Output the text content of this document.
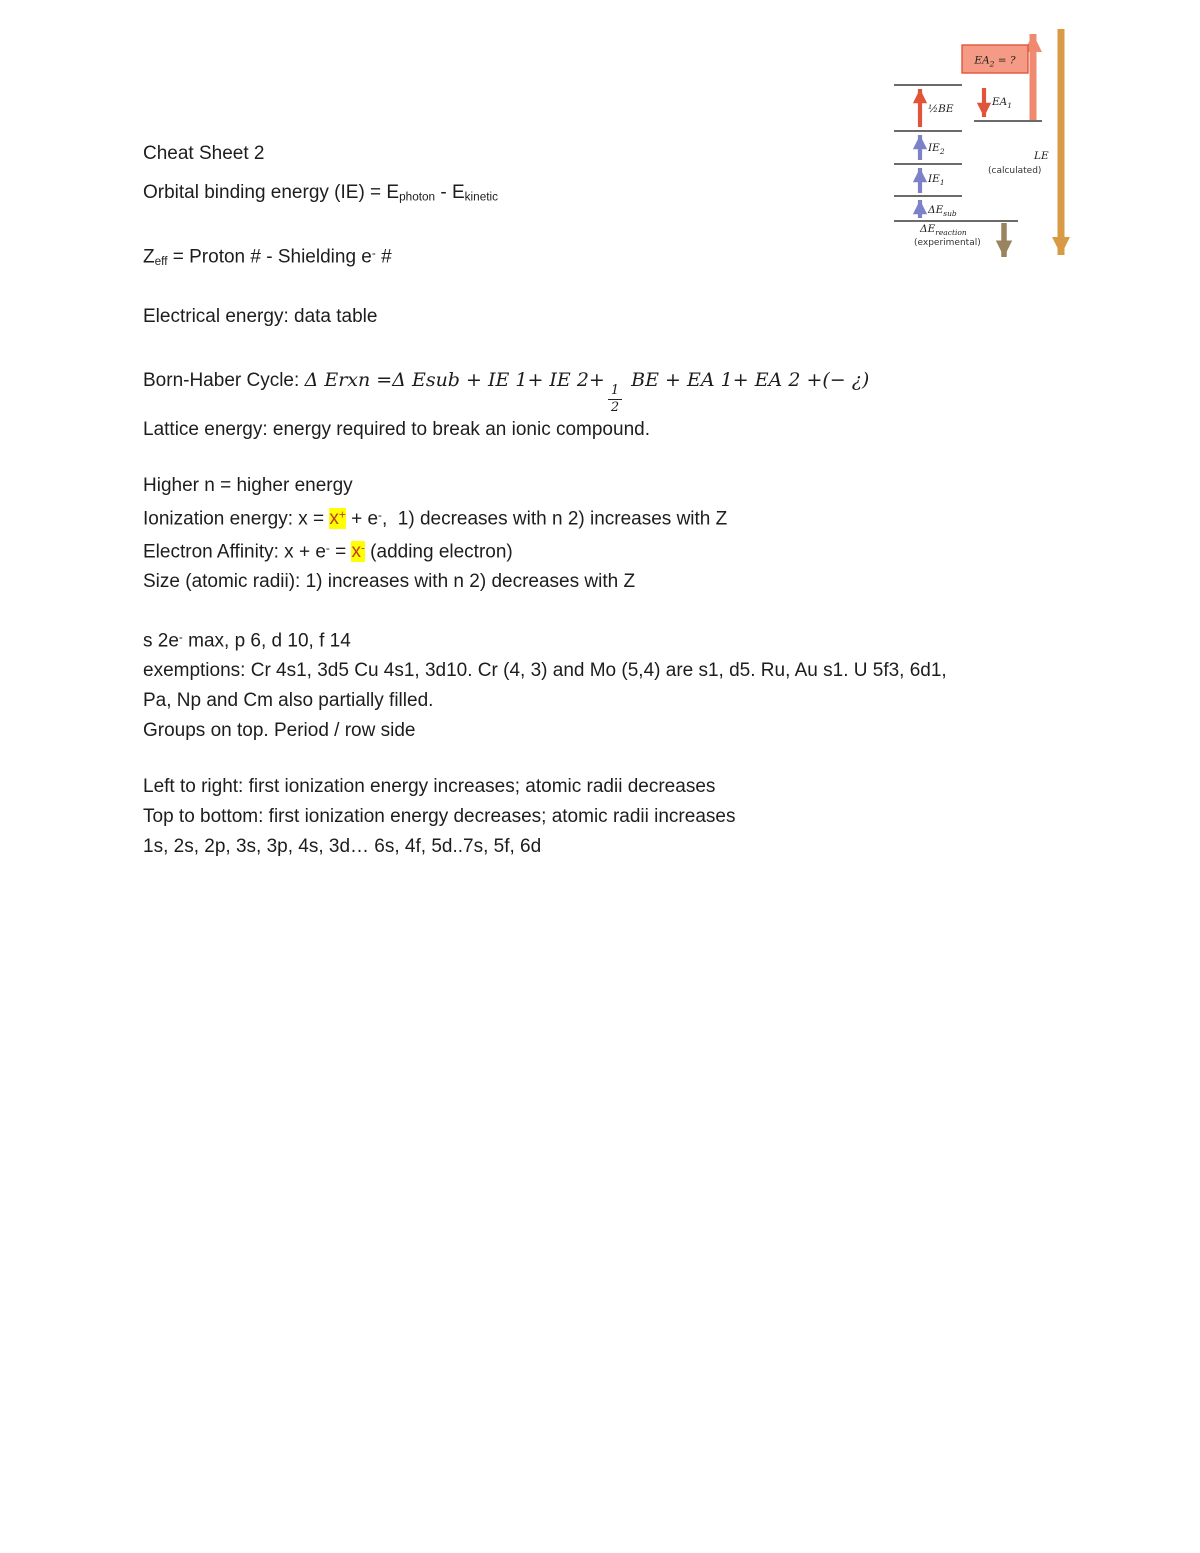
$EA_2$ = ?
½BE
$IE_2$
$IE_1$
$\Delta E_{sub}$
$EA_1$
$\Delta E_{reaction}$
(experimental)
LE
(calculated)

Cheat Sheet 2

Orbital binding energy $(IE) = E_{photon} - E_{kinetic}$

$Z_{eff}$ = Proton # - Shielding e- #

Electrical energy: data table

Born-Haber Cycle: Δ Erxn =Δ Esub + IE 1+ IE 2+
$\frac{1}{2}$
BE + EA 1+ EA 2 +(− ¿)

Lattice energy: energy required to break an ionic compound.

Higher n = higher energy

Ionization energy: x = x+ + e-,  1) decreases with n 2) increases with Z

Electron Affinity: x + e- = x- (adding electron)

Size (atomic radii): 1) increases with n 2) decreases with Z

s 2e- max, p 6, d 10, f 14

exemptions: Cr 4s1, 3d5 Cu 4s1, 3d10. Cr (4, 3) and Mo (5,4) are s1, d5. Ru, Au s1. U 5f3, 6d1,

Pa, Np and Cm also partially filled.

Groups on top. Period / row side

Left to right: first ionization energy increases; atomic radii decreases

Top to bottom: first ionization energy decreases; atomic radii increases

1s, 2s, 2p, 3s, 3p, 4s, 3d… 6s, 4f, 5d..7s, 5f, 6d
